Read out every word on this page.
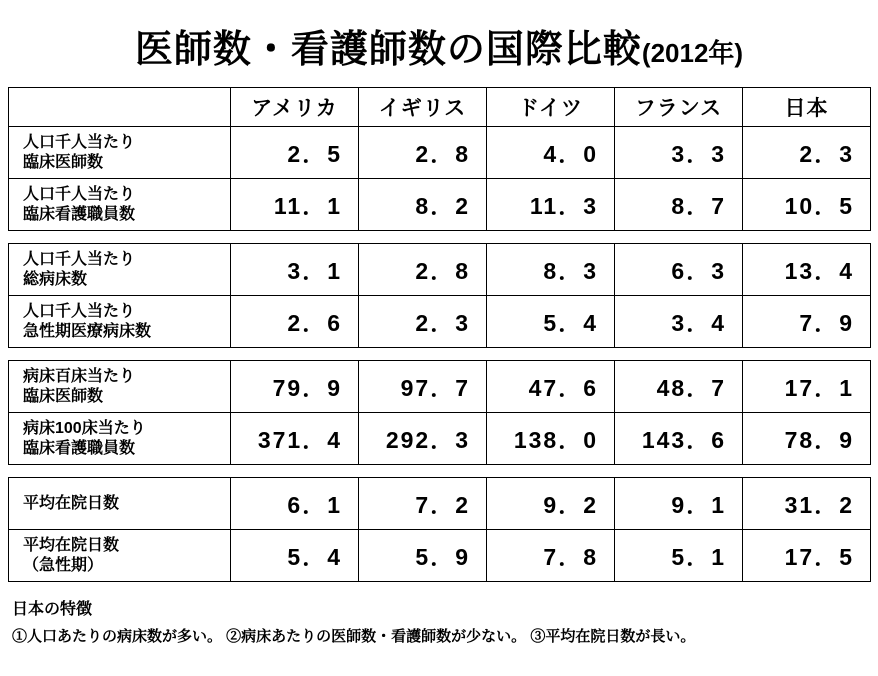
医師数・看護師数の国際比較 (2012年)
	アメリカ	イギリス	ドイツ	フランス	日本
人口千人当たり
臨床医師数	2．5	2．8	4．0	3．3	2．3
人口千人当たり
臨床看護職員数	11．1	8．2	11．3	8．7	10．5

人口千人当たり
総病床数	3．1	2．8	8．3	6．3	13．4
人口千人当たり
急性期医療病床数	2．6	2．3	5．4	3．4	7．9

病床百床当たり
臨床医師数	79．9	97．7	47．6	48．7	17．1
病床100床当たり
臨床看護職員数	371．4	292．3	138．0	143．6	78．9

平均在院日数	6．1	7．2	9．2	9．1	31．2
平均在院日数
（急性期）	5．4	5．9	7．8	5．1	17．5
日本の特徴
①人口あたりの病床数が多い。 ②病床あたりの医師数・看護師数が少ない。 ③平均在院日数が長い。
